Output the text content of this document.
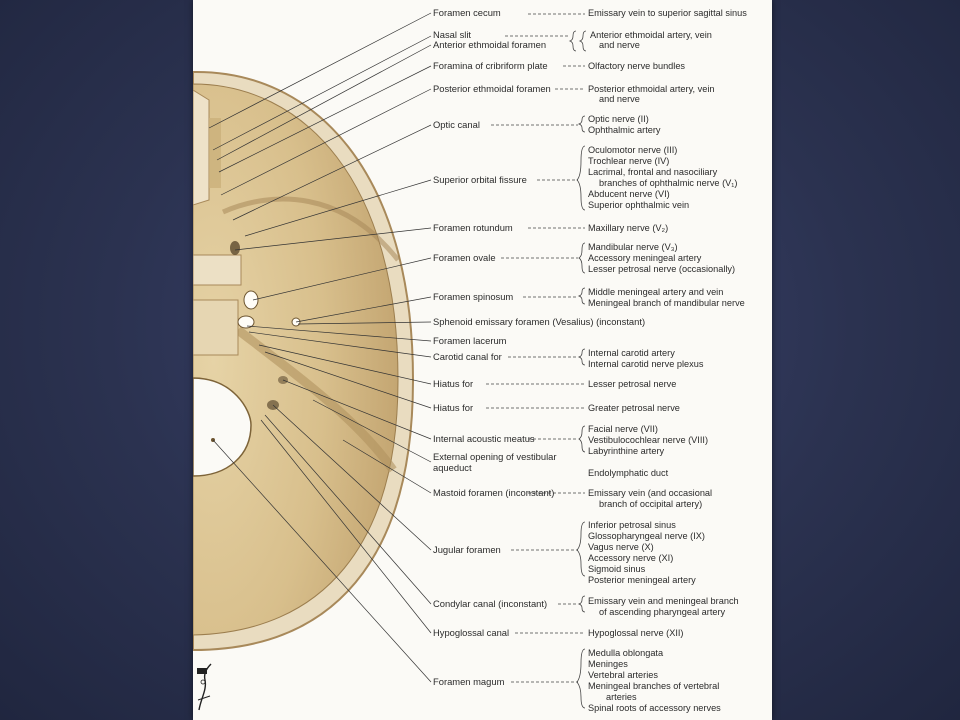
Foramen cecum
Nasal slit
Anterior ethmoidal foramen
Foramina of cribriform plate
Posterior ethmoidal foramen
Optic canal
Superior orbital fissure
Foramen rotundum
Foramen ovale
Foramen spinosum
Sphenoid emissary foramen (Vesalius) (inconstant)
Foramen lacerum
Carotid canal for
Hiatus for
Hiatus for
Internal acoustic meatus
External opening of vestibular aqueduct
Mastoid foramen (inconstant)
Jugular foramen
Condylar canal (inconstant)
Hypoglossal canal
Foramen magum
Emissary vein to superior sagittal sinus
Anterior ethmoidal artery, vein
and nerve
Olfactory nerve bundles
Posterior ethmoidal artery, vein
and nerve
Optic nerve (II)
Ophthalmic artery
Oculomotor nerve (III)
Trochlear nerve (IV)
Lacrimal, frontal and nasociliary
branches of ophthalmic nerve (V₁)
Abducent nerve (VI)
Superior ophthalmic vein
Maxillary nerve (V₂)
Mandibular nerve (V₃)
Accessory meningeal artery
Lesser petrosal nerve (occasionally)
Middle meningeal artery and vein
Meningeal branch of mandibular nerve
Internal carotid artery
Internal carotid nerve plexus
Lesser petrosal nerve
Greater petrosal nerve
Facial nerve (VII)
Vestibulocochlear nerve (VIII)
Labyrinthine artery
Endolymphatic duct
Emissary vein (and occasional
branch of occipital artery)
Inferior petrosal sinus
Glossopharyngeal nerve (IX)
Vagus nerve (X)
Accessory nerve (XI)
Sigmoid sinus
Posterior meningeal artery
Emissary vein and meningeal branch
of ascending pharyngeal artery
Hypoglossal nerve (XII)
Medulla oblongata
Meninges
Vertebral arteries
Meningeal branches of vertebral
arteries
Spinal roots of accessory nerves
